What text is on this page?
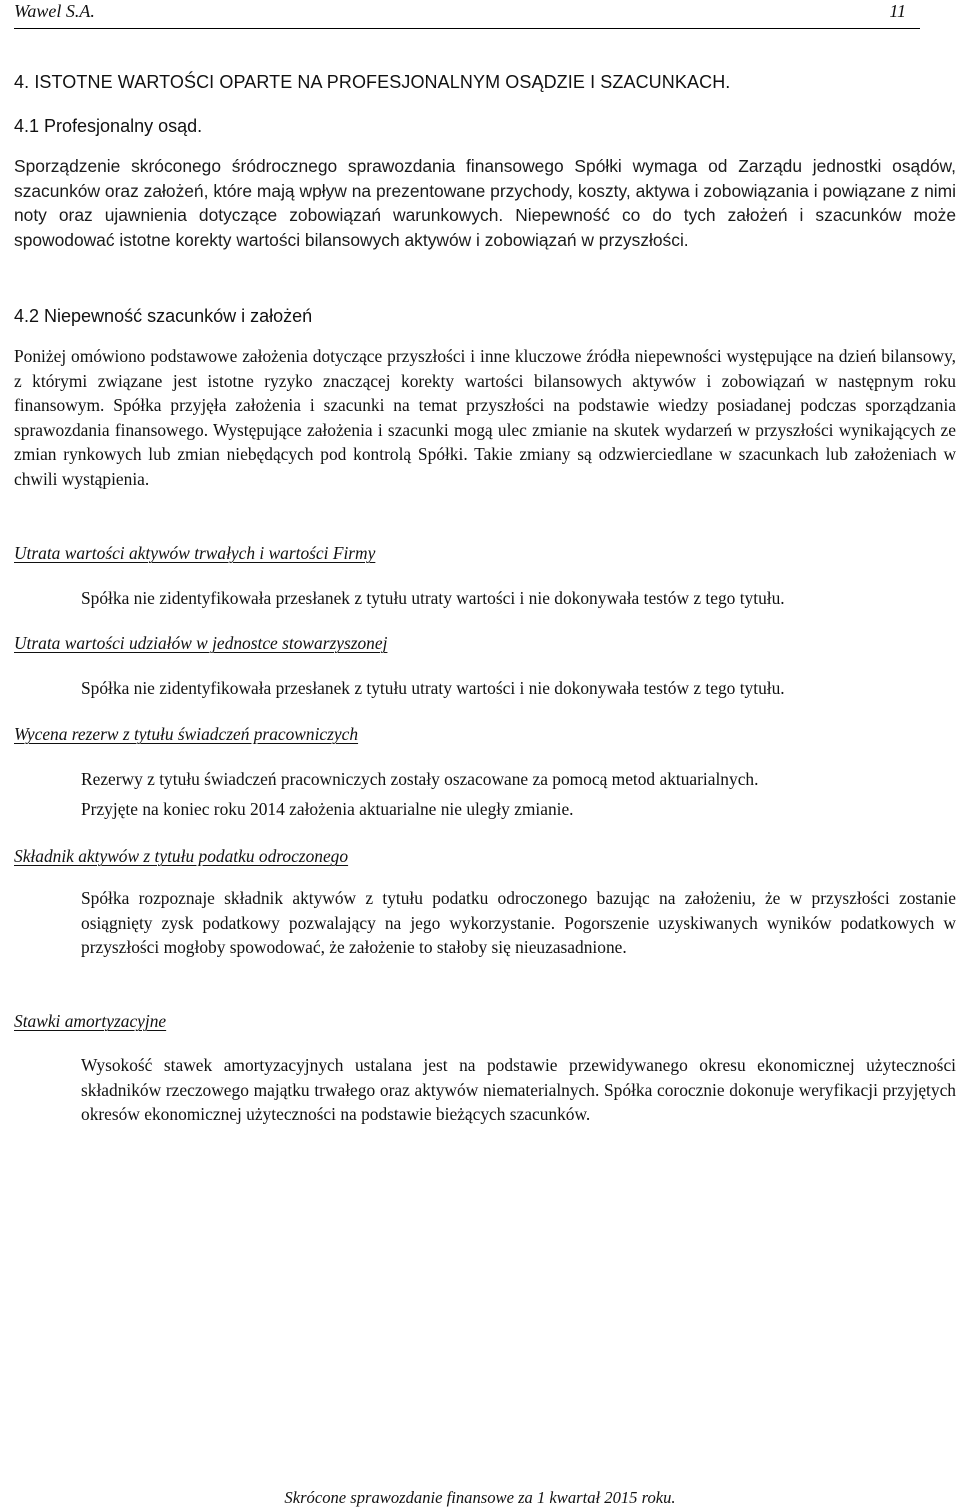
Wawel S.A.	11
4. ISTOTNE WARTOŚCI OPARTE NA PROFESJONALNYM OSĄDZIE I SZACUNKACH.
4.1 Profesjonalny osąd.
Sporządzenie skróconego śródrocznego sprawozdania finansowego Spółki wymaga od Zarządu jednostki osądów, szacunków oraz założeń, które mają wpływ na prezentowane przychody, koszty, aktywa i zobowiązania i powiązane z nimi noty oraz ujawnienia dotyczące zobowiązań warunkowych. Niepewność co do tych założeń i szacunków może spowodować istotne korekty wartości bilansowych aktywów i zobowiązań w przyszłości.
4.2 Niepewność szacunków i założeń
Poniżej omówiono podstawowe założenia dotyczące przyszłości i inne kluczowe źródła niepewności występujące na dzień bilansowy, z którymi związane jest istotne ryzyko znaczącej korekty wartości bilansowych aktywów i zobowiązań w następnym roku finansowym. Spółka przyjęła założenia i szacunki na temat przyszłości na podstawie wiedzy posiadanej podczas sporządzania sprawozdania finansowego. Występujące założenia i szacunki mogą ulec zmianie na skutek wydarzeń w przyszłości wynikających ze zmian rynkowych lub zmian niebędących pod kontrolą Spółki. Takie zmiany są odzwierciedlane w szacunkach lub założeniach w chwili wystąpienia.
Utrata wartości aktywów trwałych i wartości Firmy
Spółka nie zidentyfikowała przesłanek z tytułu utraty wartości i nie dokonywała testów z tego tytułu.
Utrata wartości udziałów w jednostce stowarzyszonej
Spółka nie zidentyfikowała przesłanek z tytułu utraty wartości i nie dokonywała testów z tego tytułu.
Wycena rezerw z tytułu świadczeń pracowniczych
Rezerwy z tytułu świadczeń pracowniczych zostały oszacowane za pomocą metod aktuarialnych.
Przyjęte na koniec roku 2014 założenia aktuarialne nie uległy zmianie.
Składnik aktywów z tytułu podatku odroczonego
Spółka rozpoznaje składnik aktywów z tytułu podatku odroczonego bazując na założeniu, że w przyszłości zostanie osiągnięty zysk podatkowy pozwalający na jego wykorzystanie. Pogorszenie uzyskiwanych wyników podatkowych w przyszłości mogłoby spowodować, że założenie to stałoby się nieuzasadnione.
Stawki amortyzacyjne
Wysokość stawek amortyzacyjnych ustalana jest na podstawie przewidywanego okresu ekonomicznej użyteczności składników rzeczowego majątku trwałego oraz aktywów niematerialnych. Spółka corocznie dokonuje weryfikacji przyjętych okresów ekonomicznej użyteczności na podstawie bieżących szacunków.
Skrócone sprawozdanie finansowe za 1 kwartał 2015 roku.
